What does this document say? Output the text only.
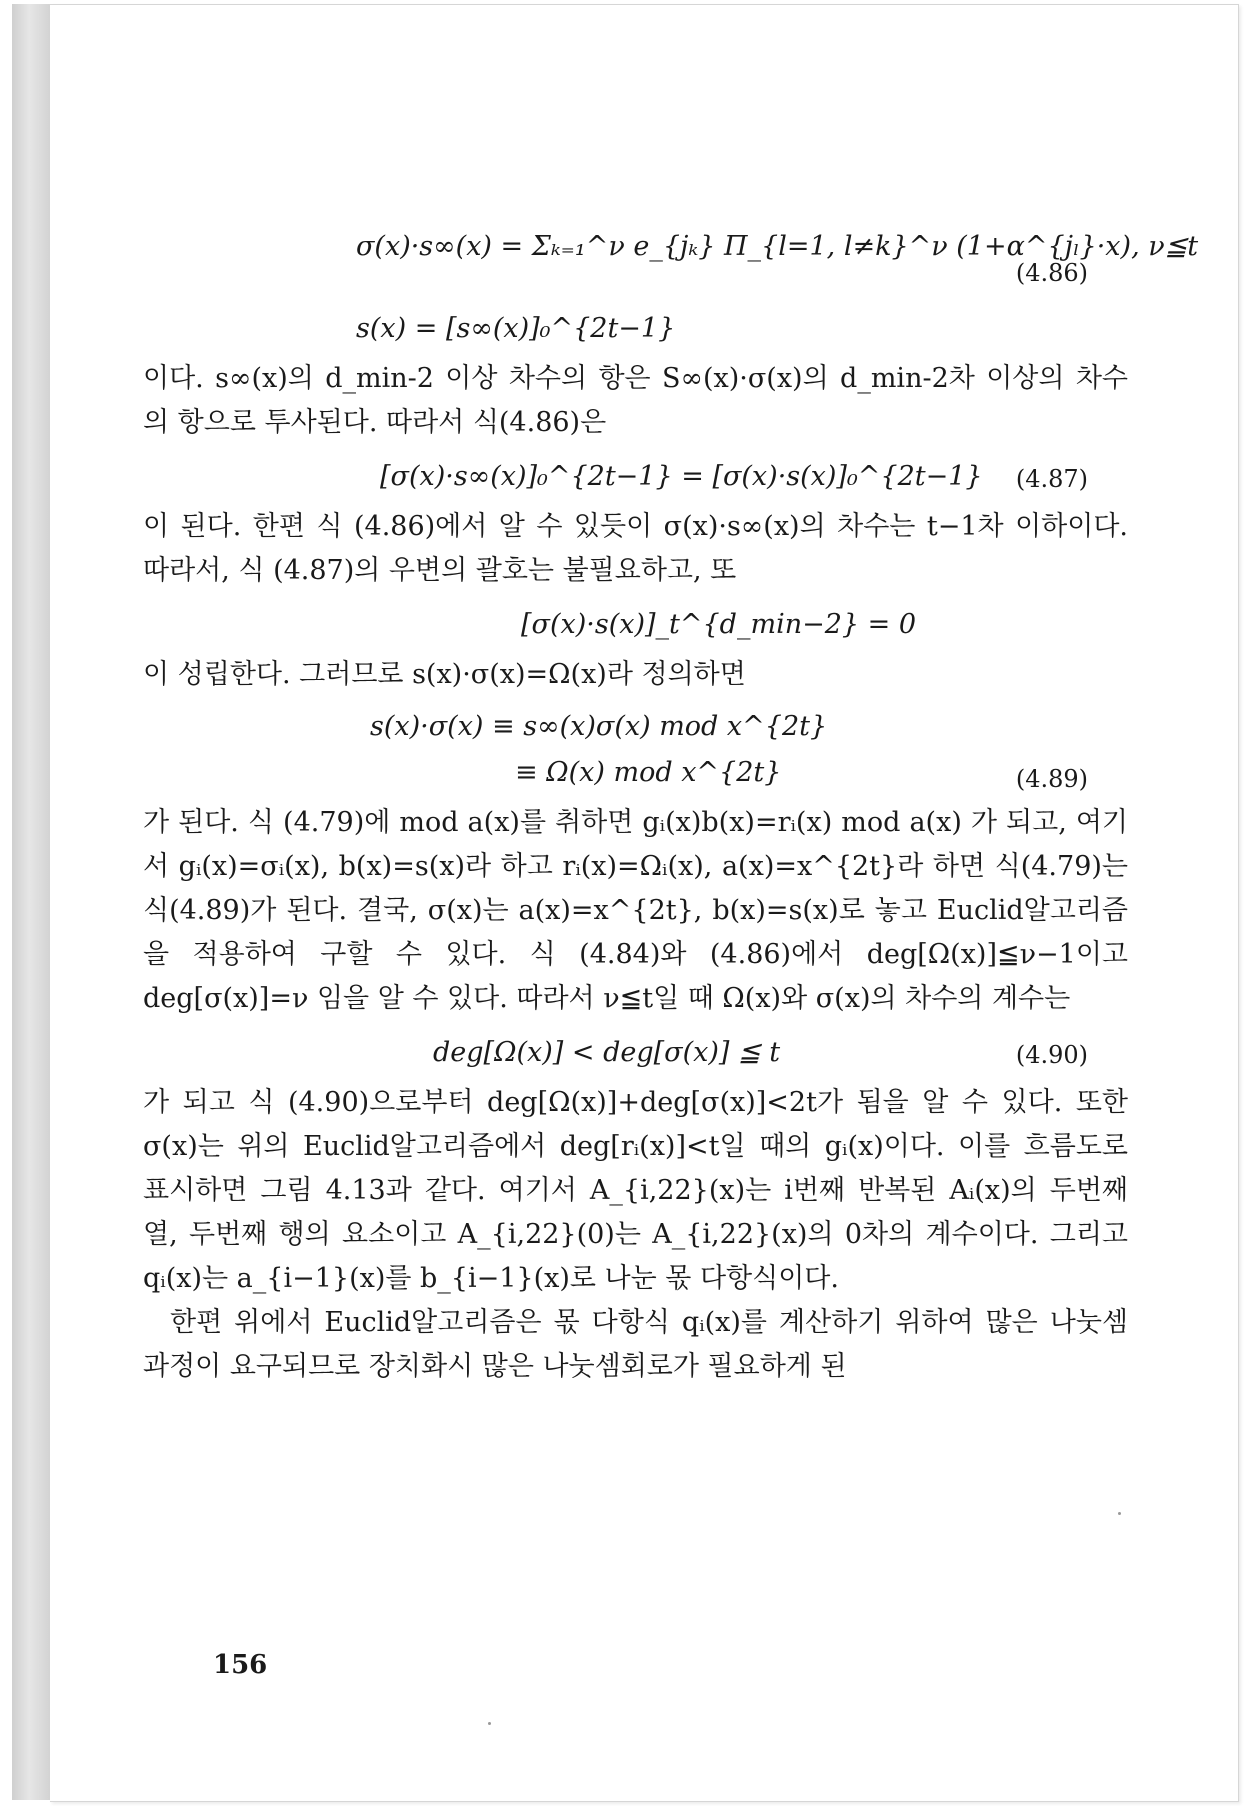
σ(x)·s∞(x) = Σₖ₌₁^ν e_{jₖ} Π_{l=1, l≠k}^ν (1+α^{jₗ}·x), ν≦t
(4.86)
s(x) = [s∞(x)]₀^{2t−1}

이다. s∞(x)의 d_min-2 이상 차수의 항은 S∞(x)·σ(x)의 d_min-2차 이상의 차수의 항으로 투사된다. 따라서 식(4.86)은

[σ(x)·s∞(x)]₀^{2t−1} = [σ(x)·s(x)]₀^{2t−1} (4.87)

이 된다. 한편 식 (4.86)에서 알 수 있듯이 σ(x)·s∞(x)의 차수는 t−1차 이하이다. 따라서, 식 (4.87)의 우변의 괄호는 불필요하고, 또

[σ(x)·s(x)]_t^{d_min−2} = 0

이 성립한다. 그러므로 s(x)·σ(x)=Ω(x)라 정의하면

s(x)·σ(x) ≡ s∞(x)σ(x) mod x^{2t}
≡ Ω(x) mod x^{2t}	(4.89)

가 된다. 식 (4.79)에 mod a(x)를 취하면 gᵢ(x)b(x)=rᵢ(x) mod a(x) 가 되고, 여기서 gᵢ(x)=σᵢ(x), b(x)=s(x)라 하고 rᵢ(x)=Ωᵢ(x), a(x)=x^{2t}라 하면 식(4.79)는 식(4.89)가 된다. 결국, σ(x)는 a(x)=x^{2t}, b(x)=s(x)로 놓고 Euclid알고리즘을 적용하여 구할 수 있다. 식 (4.84)와 (4.86)에서 deg[Ω(x)]≦ν−1이고 deg[σ(x)]=ν 임을 알 수 있다. 따라서 ν≦t일 때 Ω(x)와 σ(x)의 차수의 계수는

deg[Ω(x)] < deg[σ(x)] ≦ t	(4.90)

가 되고 식 (4.90)으로부터 deg[Ω(x)]+deg[σ(x)]<2t가 됨을 알 수 있다. 또한 σ(x)는 위의 Euclid알고리즘에서 deg[rᵢ(x)]<t일 때의 gᵢ(x)이다. 이를 흐름도로 표시하면 그림 4.13과 같다. 여기서 A_{i,22}(x)는 i번째 반복된 Aᵢ(x)의 두번째 열, 두번째 행의 요소이고 A_{i,22}(0)는 A_{i,22}(x)의 0차의 계수이다. 그리고 qᵢ(x)는 a_{i−1}(x)를 b_{i−1}(x)로 나눈 몫 다항식이다.

한편 위에서 Euclid알고리즘은 몫 다항식 qᵢ(x)를 계산하기 위하여 많은 나눗셈 과정이 요구되므로 장치화시 많은 나눗셈회로가 필요하게 된

156
